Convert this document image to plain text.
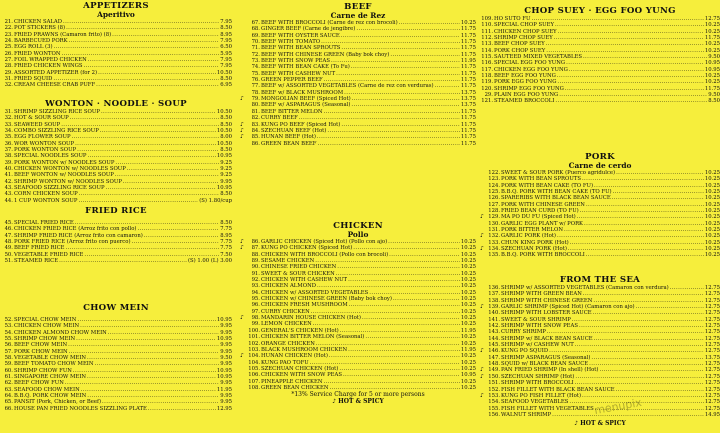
APPETIZERS
Aperitivo
21. CHICKEN SALAD .....	7.95
22. POT STICKERS (8) .....	8.50
23. FRIED PRAWNS (Camaron frito) (8) .....	8.95
24. BARBECUED PORK .....	7.95
25. EGG ROLL (3) .....	6.50
26. FRIED WONTON .....	5.95
27. FOIL WRAPPED CHICKEN .....	7.95
28. FRIED CHICKEN WINGS .....	7.95
29. ASSORTED APPETIZER (for 2) .....	10.50
31. FRIED SQUID .....	8.50
32. CREAM CHEESE CRAB PUFF .....	6.95
WONTON · NOODLE · SOUP
31. SHRIMP SIZZLING RICE SOUP .....	10.50
32. HOT & SOUR SOUP .....	8.50
33. SEAWEED SOUP .....	8.50
34. COMBO SIZZLING RICE SOUP .....	10.50
35. EGG FLOWER SOUP .....	8.00
36. WOR WONTON SOUP .....	10.50
37. PORK WONTON SOUP .....	8.50
38. SPECIAL NOODLES SOUP .....	10.95
39. PORK WONTON w/ NOODLES SOUP .....	9.25
40. CHICKEN WONTON w/ NOODLES SOUP .....	9.25
41. BEEF WONTON w/ NOODLES SOUP .....	9.25
42. SHRIMP WONTON w/ NOODLES SOUP .....	9.95
43. SEAFOOD SIZZLING RICE SOUP .....	10.95
43. CORN CHICKEN SOUP .....	8.50
44. 1 CUP WONTON SOUP .....	(S) 1.80/cup
FRIED RICE
45. SPECIAL FRIED RICE .....	8.50
46. CHICKEN FRIED RICE (Arroz frito con pollo) .....	7.75
47. SHRIMP FRIED RICE (Arroz frito con camaron) .....	8.95
48. PORK FRIED RICE (Arroz frito con puerco) .....	7.75
49. BEEF FRIED RICE .....	7.75
50. VEGETABLE FRIED RICE .....	7.50
51. STEAMED RICE .....	(S) 1.00 (L) 3.00
CHOW MEIN
52. SPECIAL CHOW MEIN .....	10.95
53. CHICKEN CHOW MEIN .....	9.95
54. CHICKEN ALMOND CHOW MEIN .....	9.95
55. SHRIMP CHOW MEIN .....	10.95
56. BEEF CHOW MEIN .....	9.95
57. PORK CHOW MEIN .....	9.95
58. VEGETABLE CHOW MEIN .....	9.50
59. BEEF TOMATO CHOW MEIN .....	9.95
60. SHRIMP CHOW FUN .....	10.95
61. SINGAPORE CHOW MEIN .....	10.95
62. BEEF CHOW FUN .....	9.95
63. SEAFOOD CHOW MEIN .....	11.95
64. B.B.Q. PORK CHOW MEIN .....	9.95
65. PANSIT (Pork, Chicken, or Beef) .....	9.95
66. HOUSE PAN FRIED NOODLES SIZZLING PLATE .....	12.95
BEEF
Carne de Rez
67. BEEF WITH BROCCOLI (Carne de rez con brocoli) .....	10.25
68. GINGER BEEF (Carne de jengibre) .....	11.75
69. BEEF WITH OYSTER SAUCE .....	11.75
70. BEEF WITH TOMATO .....	11.75
71. BEEF WITH BEAN SPROUTS .....	11.75
72. BEEF WITH CHINESE GREEN (Baby bok choy) .....	11.75
73. BEEF WITH SNOW PEAS .....	11.95
74. BEEF WITH BEAN CAKE (To Fu) .....	11.75
75. BEEF WITH CASHEW NUT .....	11.75
76. GREEN PEPPER BEEF .....	11.75
77. BEEF w/ ASSORTED VEGETABLES (Carne de rez con verduras) .....	11.75
78. BEEF w/ BLACK MUSHROOM .....	13.75
♪	79. MONGOLIAN BEEF (Spiced Hot) .....	13.75
80. BEEF w/ ASPARAGUS (Seasonal) .....	13.75
81. BEEF BITTER MELON .....	11.75
82. CURRY BEEF .....	11.75
♪	83. KUNG PO BEEF (Spiced Hot) .....	11.75
♪	84. SZECHUAN BEEF (Hot) .....	11.75
♪	85. HUNAN BEEF (Hot) .....	11.75
86. GREEN BEAN BEEF .....	11.75
CHICKEN
Pollo
♪	86. GARLIC CHICKEN (Spiced Hot) (Pollo con ajo) .....	10.25
♪	87. KUNG PO CHICKEN (Spiced Hot) .....	10.25
88. CHICKEN WITH BROCCOLI (Pollo con brocoli) .....	10.25
89. SESAME CHICKEN .....	10.25
90. CHINESE FRIED CHICKEN .....	10.25
91. SWEET & SOUR CHICKEN .....	10.25
92. CHICKEN WITH CASHEW NUT .....	10.25
93. CHICKEN ALMOND .....	10.25
94. CHICKEN w/ ASSORTED VEGETABLES .....	10.25
95. CHICKEN w/ CHINESE GREEN (Baby bok choy) .....	10.25
96. CHICKEN FRESH MUSHROOM .....	10.25
97. CURRY CHICKEN .....	10.25
♪	98. MANDARIN HOUSE CHICKEN (Hot) .....	10.25
99. LEMON CHICKEN .....	10.25
100. GENERAL'S CHICKEN (Hot) .....	11.95
101. CHICKEN BITTER MELON (Seasonal) .....	10.25
102. ORANGE CHICKEN .....	10.25
103. BLACK MUSHROOM CHICKEN .....	11.95
♪ 104. HUNAN CHICKEN (Hot) .....	10.25
104. KUNG PAO TOFU .....	10.25
105. SZECHUAN CHICKEN (Hot) .....	10.25
106. CHICKEN WITH SNOW PEAS .....	10.95
107. PINEAPPLE CHICKEN .....	10.25
108. GREEN BEAN CHICKEN .....	10.25
*13% Service Charge for 5 or more persons
♪ HOT & SPICY
CHOP SUEY · EGG FOO YUNG
109. HO SUTO FU .....	12.75
110. SPECIAL CHOP SUEY .....	10.25
111. CHICKEN CHOP SUEY .....	10.25
112. SHRIMP CHOP SUEY .....	11.75
113. BEEF CHOP SUEY .....	10.25
114. PORK CHOP SUEY .....	10.25
115. SAUTEED MIXED VEGETABLES .....	9.50
116. SPECIAL EGG FOO YUNG .....	10.95
117. CHICKEN EGG FOO YUNG .....	10.95
118. BEEF EGG FOO YUNG .....	10.25
119. PORK EGG FOO YUNG .....	10.25
120. SHRIMP EGG FOO YUNG .....	11.75
29. PLAIN EGG FOO YUNG .....	9.50
121. STEAMED BROCCOLI .....	8.50
PORK
Carne de cerdo
122. SWEET & SOUR PORK (Puerco agridulce) .....	10.25
123. PORK WITH BEAN SPROUTS .....	10.25
124. PORK WITH BEAN CAKE (TO FU) .....	10.25
125. B.B.Q. PORK WITH BEAN CAKE (TO FU) .....	10.25
126. SPARERIBS WITH BLACK BEAN SAUCE .....	10.25
127. PORK WITH CHINESE GREEN .....	10.25
128. FRIED BEAN CURD (TO FU) .....	10.25
♪ 129. MA PO DU FU (Spiced Hot) .....	10.25
130. GARLIC EGG PLANT w/ PORK .....	10.25
131. PORK BITTER MELON .....	10.25
♪ 132. GARLIC PORK (Hot) .....	10.25
133. CHUN KING PORK (Hot) .....	10.25
♪ 134. SZECHUAN PORK (Hot) .....	10.25
135. B.B.Q. PORK WITH BROCCOLI .....	10.25
FROM THE SEA
136. SHRIMP w/ ASSORTED VEGETABLES (Camaron con verdura) .....	12.75
137. SHRIMP WITH GREEN BEAN .....	12.75
138. SHRIMP WITH CHINESE GREEN .....	12.75
♪ 139. GARLIC SHRIMP (Spiced Hot) (Camaron con ajo) .....	12.75
140. SHRIMP WITH LOBSTER SAUCE .....	12.75
141. SWEET & SOUR SHRIMP .....	12.75
142. SHRIMP WITH SNOW PEAS .....	12.75
143. CURRY SHRIMP .....	12.75
144. SHRIMP w/ BLACK BEAN SAUCE .....	12.75
145. SHRIMP w/ CASHEW NUT .....	12.75
♪ 146. KUNG PO SQUID .....	12.75
147. SHRIMP ASPARAGUS (Seasonal) .....	13.75
148. SQUID w/ BLACK BEAN SAUCE .....	12.75
♪ 149. PAN FRIED SHRIMP (In shell) (Hot) .....	12.75
♪ 150. SZECHUAN SHRIMP (Hot) .....	12.75
151. SHRIMP WITH BROCCOLI .....	12.75
152. FISH FILLET WITH BLACK BEAN SAUCE .....	12.75
♪ 153. KUNG PO FISH FILLET (Hot) .....	12.75
154. SEAFOOD VEGETABLES .....	12.75
155. FISH FILLET WITH VEGETABLES .....	12.75
156. WALNUT SHRIMP .....	14.95
♪ HOT & SPICY
menupix
